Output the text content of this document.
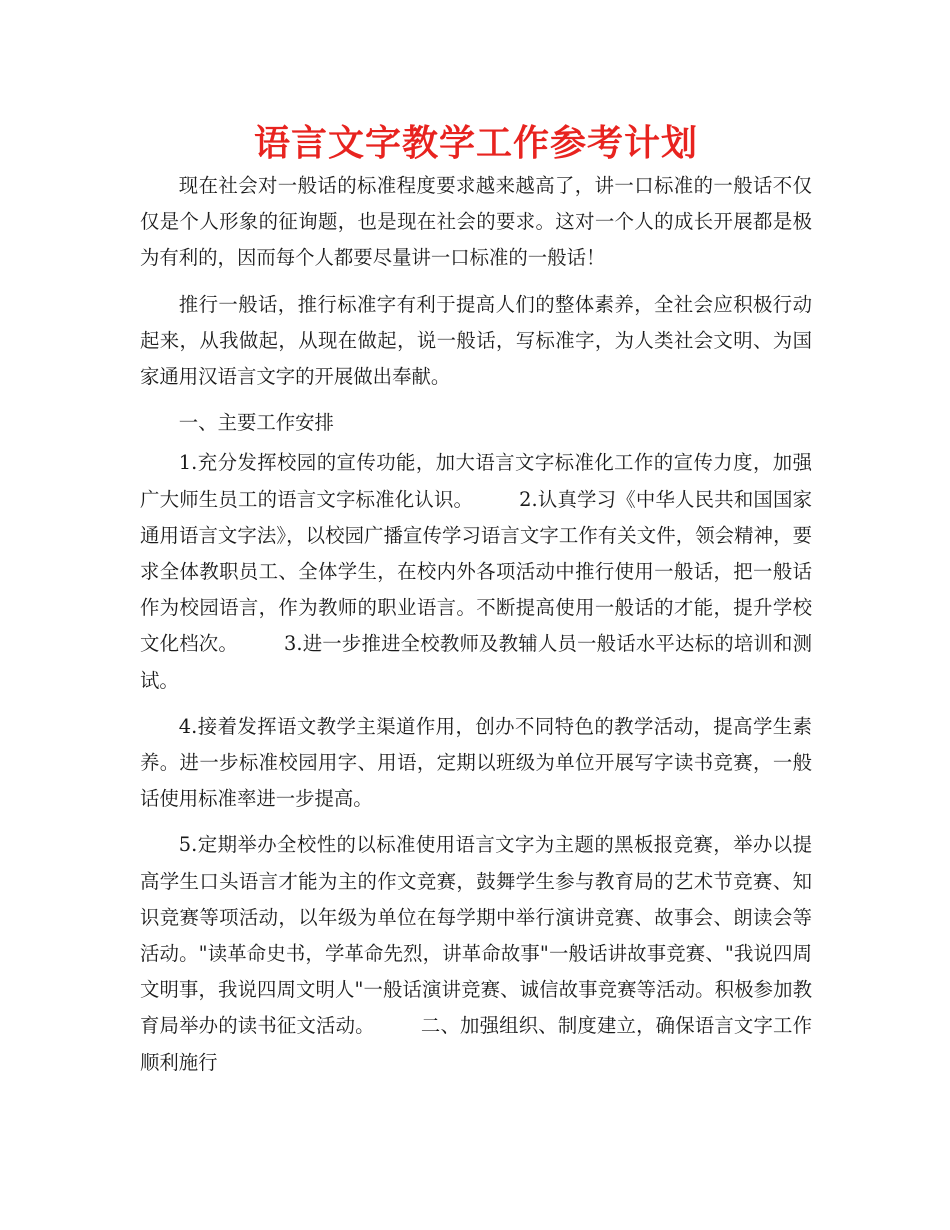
语言文字教学工作参考计划

现在社会对一般话的标准程度要求越来越高了，讲一口标准的一般话不仅仅是个人形象的征询题，也是现在社会的要求。这对一个人的成长开展都是极为有利的，因而每个人都要尽量讲一口标准的一般话！

推行一般话，推行标准字有利于提高人们的整体素养，全社会应积极行动起来，从我做起，从现在做起，说一般话，写标准字，为人类社会文明、为国家通用汉语言文字的开展做出奉献。

一、主要工作安排

1.充分发挥校园的宣传功能，加大语言文字标准化工作的宣传力度，加强广大师生员工的语言文字标准化认识。 2.认真学习《中华人民共和国国家通用语言文字法》，以校园广播宣传学习语言文字工作有关文件，领会精神，要求全体教职员工、全体学生，在校内外各项活动中推行使用一般话，把一般话作为校园语言，作为教师的职业语言。不断提高使用一般话的才能，提升学校文化档次。 3.进一步推进全校教师及教辅人员一般话水平达标的培训和测试。

4.接着发挥语文教学主渠道作用，创办不同特色的教学活动，提高学生素养。进一步标准校园用字、用语，定期以班级为单位开展写字读书竞赛，一般话使用标准率进一步提高。

5.定期举办全校性的以标准使用语言文字为主题的黑板报竞赛，举办以提高学生口头语言才能为主的作文竞赛，鼓舞学生参与教育局的艺术节竞赛、知识竞赛等项活动，以年级为单位在每学期中举行演讲竞赛、故事会、朗读会等活动。"读革命史书，学革命先烈，讲革命故事"一般话讲故事竞赛、"我说四周文明事，我说四周文明人"一般话演讲竞赛、诚信故事竞赛等活动。积极参加教育局举办的读书征文活动。 二、加强组织、制度建立，确保语言文字工作顺利施行
